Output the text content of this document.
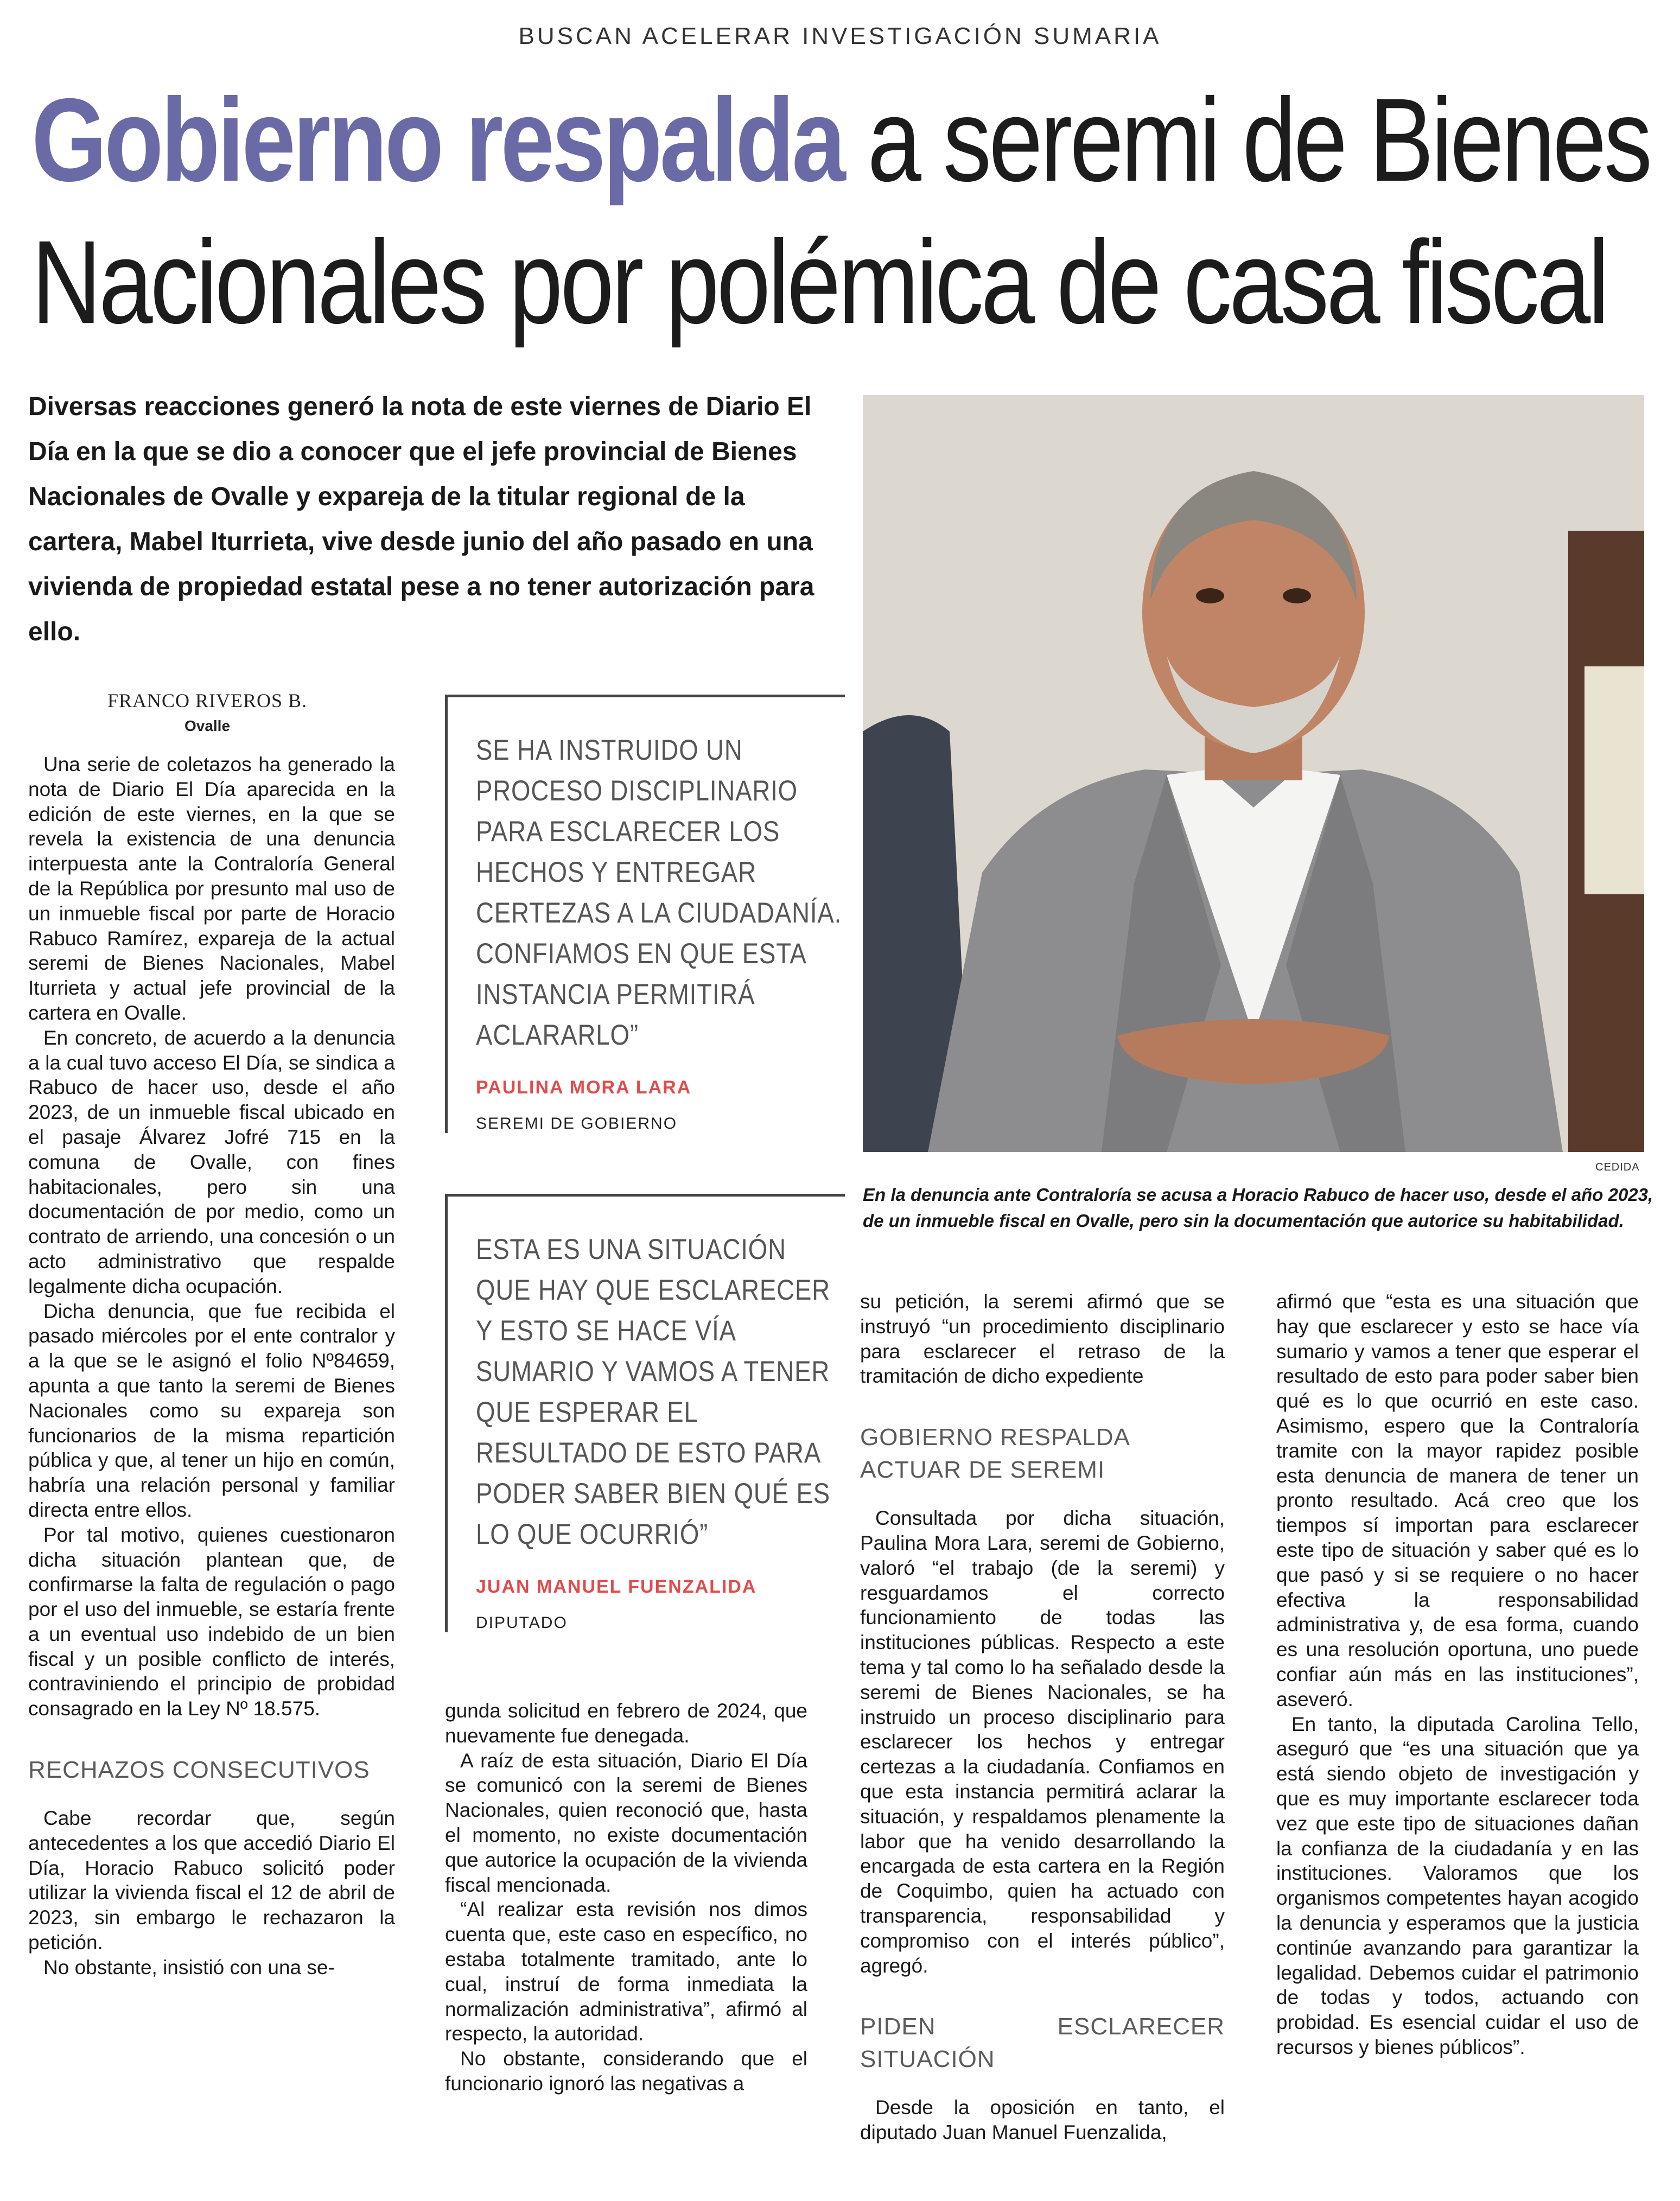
BUSCAN ACELERAR INVESTIGACIÓN SUMARIA
Gobierno respalda a seremi de Bienes
Nacionales por polémica de casa fiscal

Diversas reacciones generó la nota de este viernes de Diario El Día en la que se dio a conocer que el jefe provincial de Bienes Nacionales de Ovalle y expareja de la titular regional de la cartera, Mabel Iturrieta, vive desde junio del año pasado en una vivienda de propiedad estatal pese a no tener autorización para ello.

CEDIDA

En la denuncia ante Contraloría se acusa a Horacio Rabuco de hacer uso, desde el año 2023, de un inmueble fiscal en Ovalle, pero sin la documentación que autorice su habitabilidad.

FRANCO RIVEROS B.
Ovalle

Una serie de coletazos ha generado la nota de Diario El Día aparecida en la edición de este viernes, en la que se revela la existencia de una denuncia interpuesta ante la Contraloría General de la República por presunto mal uso de un inmueble fiscal por parte de Horacio Rabuco Ramírez, expareja de la actual seremi de Bienes Nacionales, Mabel Iturrieta y actual jefe provincial de la cartera en Ovalle.

En concreto, de acuerdo a la denuncia a la cual tuvo acceso El Día, se sindica a Rabuco de hacer uso, desde el año 2023, de un inmueble fiscal ubicado en el pasaje Álvarez Jofré 715 en la comuna de Ovalle, con fines habitacionales, pero sin una documentación de por medio, como un contrato de arriendo, una concesión o un acto administrativo que respalde legalmente dicha ocupación.

Dicha denuncia, que fue recibida el pasado miércoles por el ente contralor y a la que se le asignó el folio Nº84659, apunta a que tanto la seremi de Bienes Nacionales como su expareja son funcionarios de la misma repartición pública y que, al tener un hijo en común, habría una relación personal y familiar directa entre ellos.

Por tal motivo, quienes cuestionaron dicha situación plantean que, de confirmarse la falta de regulación o pago por el uso del inmueble, se estaría frente a un eventual uso indebido de un bien fiscal y un posible conflicto de interés, contraviniendo el principio de probidad consagrado en la Ley Nº 18.575.

RECHAZOS CONSECUTIVOS

Cabe recordar que, según antecedentes a los que accedió Diario El Día, Horacio Rabuco solicitó poder utilizar la vivienda fiscal el 12 de abril de 2023, sin embargo le rechazaron la petición.

No obstante, insistió con una se-

SE HA INSTRUIDO UN PROCESO DISCIPLINARIO PARA ESCLARECER LOS HECHOS Y ENTREGAR CERTEZAS A LA CIUDADANÍA. CONFIAMOS EN QUE ESTA INSTANCIA PERMITIRÁ ACLARARLO”

PAULINA MORA LARA
SEREMI DE GOBIERNO

ESTA ES UNA SITUACIÓN QUE HAY QUE ESCLARECER Y ESTO SE HACE VÍA SUMARIO Y VAMOS A TENER QUE ESPERAR EL RESULTADO DE ESTO PARA PODER SABER BIEN QUÉ ES LO QUE OCURRIÓ”

JUAN MANUEL FUENZALIDA
DIPUTADO

gunda solicitud en febrero de 2024, que nuevamente fue denegada.

A raíz de esta situación, Diario El Día se comunicó con la seremi de Bienes Nacionales, quien reconoció que, hasta el momento, no existe documentación que autorice la ocupación de la vivienda fiscal mencionada.

“Al realizar esta revisión nos dimos cuenta que, este caso en específico, no estaba totalmente tramitado, ante lo cual, instruí de forma inmediata la normalización administrativa”, afirmó al respecto, la autoridad.

No obstante, considerando que el funcionario ignoró las negativas a

su petición, la seremi afirmó que se instruyó “un procedimiento disciplinario para esclarecer el retraso de la tramitación de dicho expediente

GOBIERNO RESPALDA

ACTUAR DE SEREMI

Consultada por dicha situación, Paulina Mora Lara, seremi de Gobierno, valoró “el trabajo (de la seremi) y resguardamos el correcto funcionamiento de todas las instituciones públicas. Respecto a este tema y tal como lo ha señalado desde la seremi de Bienes Nacionales, se ha instruido un proceso disciplinario para esclarecer los hechos y entregar certezas a la ciudadanía. Confiamos en que esta instancia permitirá aclarar la situación, y respaldamos plenamente la labor que ha venido desarrollando la encargada de esta cartera en la Región de Coquimbo, quien ha actuado con transparencia, responsabilidad y compromiso con el interés público”, agregó.

PIDEN ESCLARECER SITUACIÓN

Desde la oposición en tanto, el diputado Juan Manuel Fuenzalida,

afirmó que “esta es una situación que hay que esclarecer y esto se hace vía sumario y vamos a tener que esperar el resultado de esto para poder saber bien qué es lo que ocurrió en este caso. Asimismo, espero que la Contraloría tramite con la mayor rapidez posible esta denuncia de manera de tener un pronto resultado. Acá creo que los tiempos sí importan para esclarecer este tipo de situación y saber qué es lo que pasó y si se requiere o no hacer efectiva la responsabilidad administrativa y, de esa forma, cuando es una resolución oportuna, uno puede confiar aún más en las instituciones”, aseveró.

En tanto, la diputada Carolina Tello, aseguró que “es una situación que ya está siendo objeto de investigación y que es muy importante esclarecer toda vez que este tipo de situaciones dañan la confianza de la ciudadanía y en las instituciones. Valoramos que los organismos competentes hayan acogido la denuncia y esperamos que la justicia continúe avanzando para garantizar la legalidad. Debemos cuidar el patrimonio de todas y todos, actuando con probidad. Es esencial cuidar el uso de recursos y bienes públicos”.
